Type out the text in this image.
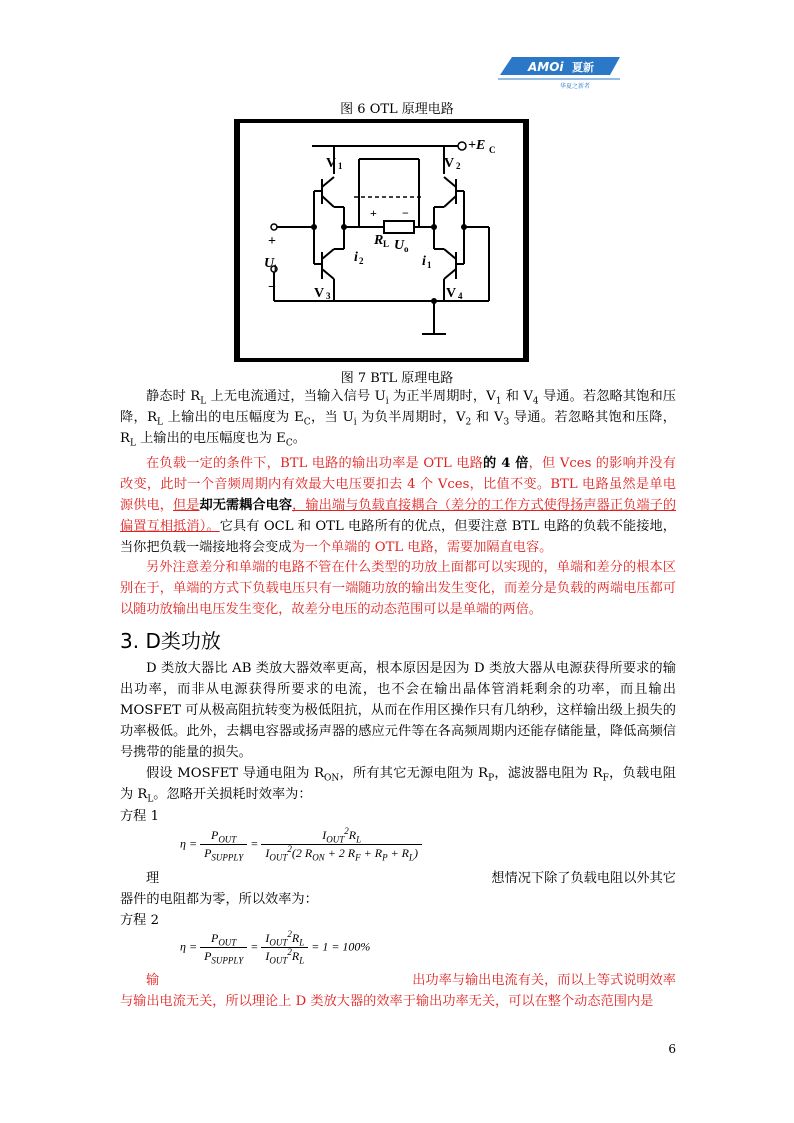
AMOi 夏新
华夏之新者
图 6 OTL 原理电路
V 1	V 2
V 3	V 4
+E C
R L U o
i 2	i 1
U i
+
−
+ −
图 7 BTL 原理电路
静态时 $R_L$ 上无电流通过，当输入信号 $U_i$ 为正半周期时，$V_1$ 和 $V_4$ 导通。若忽略其饱和压降，$R_L$ 上输出的电压幅度为 $E_C$，当 $U_i$ 为负半周期时，$V_2$ 和 $V_3$ 导通。若忽略其饱和压降，$R_L$ 上输出的电压幅度也为 $E_C$。
在负载一定的条件下，BTL 电路的输出功率是 OTL 电路的 4 倍，但 Vces 的影响并没有改变，此时一个音频周期内有效最大电压要扣去 4 个 Vces，比值不变。BTL 电路虽然是单电源供电，但是却无需耦合电容，输出端与负载直接耦合（差分的工作方式使得扬声器正负端子的偏置互相抵消）。它具有 OCL 和 OTL 电路所有的优点，但要注意 BTL 电路的负载不能接地，当你把负载一端接地将会变成为一个单端的 OTL 电路，需要加隔直电容。
另外注意差分和单端的电路不管在什么类型的功放上面都可以实现的，单端和差分的根本区别在于，单端的方式下负载电压只有一端随功放的输出发生变化，而差分是负载的两端电压都可以随功放输出电压发生变化，故差分电压的动态范围可以是单端的两倍。
3. D类功放
D 类放大器比 AB 类放大器效率更高，根本原因是因为 D 类放大器从电源获得所要求的输出功率，而非从电源获得所要求的电流，也不会在输出晶体管消耗剩余的功率，而且输出 MOSFET 可从极高阻抗转变为极低阻抗，从而在作用区操作只有几纳秒，这样输出级上损失的功率极低。此外，去耦电容器或扬声器的感应元件等在各高频周期内还能存储能量，降低高频信号携带的能量的损失。
假设 MOSFET 导通电阻为 $R_{ON}$，所有其它无源电阻为 $R_P$，滤波器电阻为 $R_F$，负载电阻为 $R_L$。忽略开关损耗时效率为：
方程 1
$\eta = \frac{P_{OUT}}{P_{SUPPLY}} = \frac{I_{OUT}^2R_L}{I_{OUT}^2(2 R_{ON} + 2 R_F + R_P + R_L)}$
理	想情况下除了负载电阻以外其它
器件的电阻都为零，所以效率为：
方程 2
$\eta = \frac{P_{OUT}}{P_{SUPPLY}} = \frac{I_{OUT}^2R_L}{I_{OUT}^2R_L} = 1 = 100\%$
输	出功率与输出电流有关，而以上等式说明效率
与输出电流无关，所以理论上 D 类放大器的效率于输出功率无关，可以在整个动态范围内是
6
